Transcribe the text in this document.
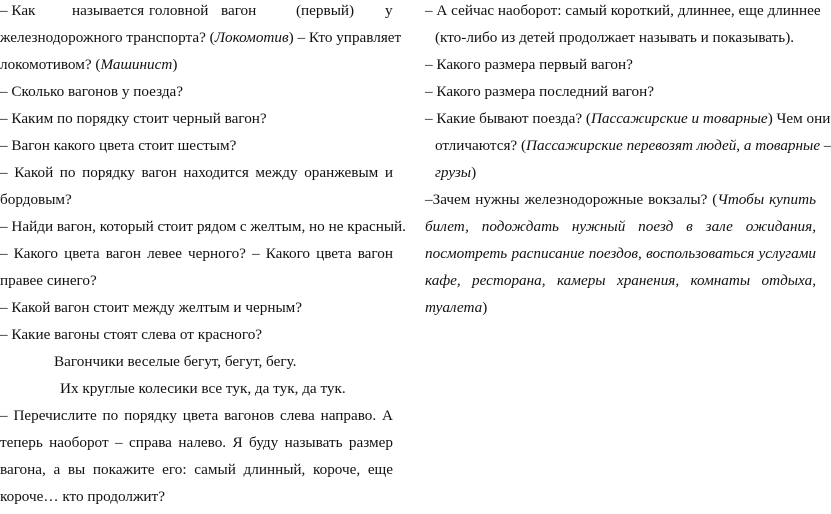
– Как называется головной вагон	(первый) у
железнодорожного транспорта? (Локомотив) – Кто управляет
локомотивом? (Машинист)
– Сколько вагонов у поезда?
– Каким по порядку стоит черный вагон?
– Вагон какого цвета стоит шестым?
– Какой по порядку вагон находится между оранжевым и
бордовым?
– Найди вагон, который стоит рядом с желтым, но не красный.
– Какого цвета вагон левее черного? – Какого цвета вагон
правее синего?
– Какой вагон стоит между желтым и черным?
– Какие вагоны стоят слева от красного?
Вагончики веселые бегут, бегут, бегу.
Их круглые колесики все тук, да тук, да тук.
– Перечислите по порядку цвета вагонов слева направо. А
теперь наоборот – справа налево. Я буду называть размер
вагона, а вы покажите его: самый длинный, короче, еще
короче… кто продолжит?
– А сейчас наоборот: самый короткий, длиннее, еще длиннее
(кто-либо из детей продолжает называть и показывать).
– Какого размера первый вагон?
– Какого размера последний вагон?
– Какие бывают поезда? (Пассажирские и товарные) Чем они
отличаются? (Пассажирские перевозят людей, а товарные –
грузы)
–Зачем нужны железнодорожные вокзалы? (Чтобы купить
билет, подождать нужный поезд в зале ожидания,
посмотреть расписание поездов, воспользоваться услугами
кафе, ресторана, камеры хранения, комнаты отдыха,
туалета)
